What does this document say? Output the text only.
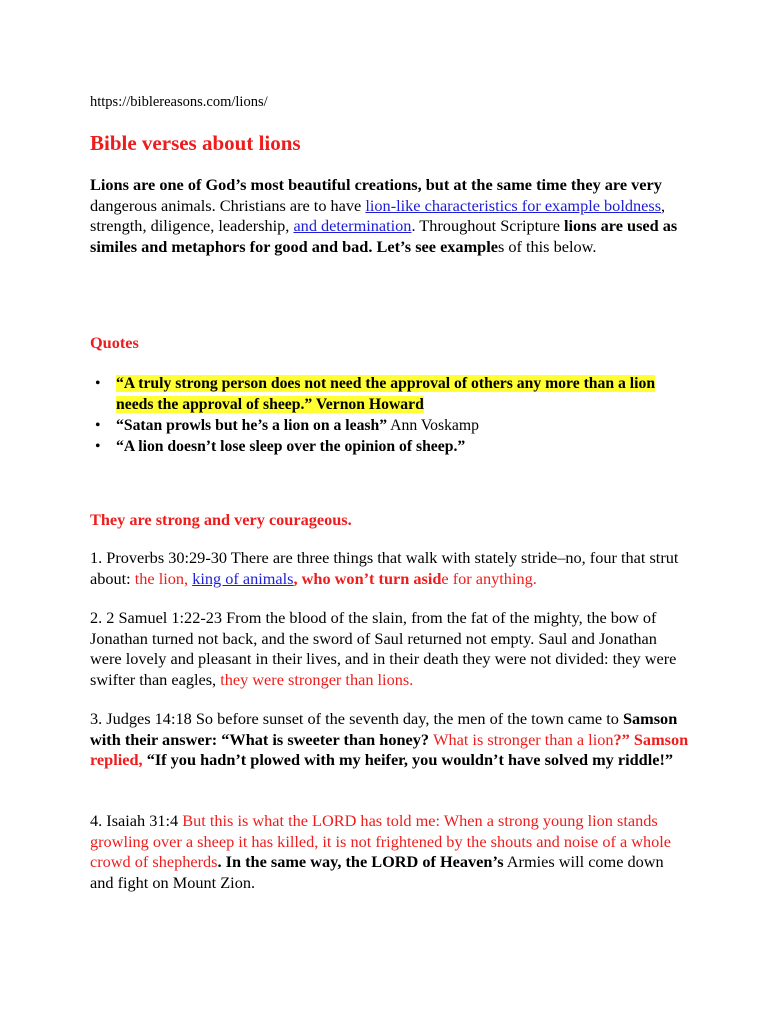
https://biblereasons.com/lions/
Bible verses about lions

Lions are one of God’s most beautiful creations, but at the same time they are very dangerous animals. Christians are to have lion-like characteristics for example boldness, strength, diligence, leadership, and determination. Throughout Scripture lions are used as similes and metaphors for good and bad. Let’s see examples of this below.

Quotes
• “A truly strong person does not need the approval of others any more than a lion needs the approval of sheep.” Vernon Howard
• “Satan prowls but he’s a lion on a leash” Ann Voskamp
• “A lion doesn’t lose sleep over the opinion of sheep.”
They are strong and very courageous.

1. Proverbs 30:29-30 There are three things that walk with stately stride–no, four that strut about: the lion, king of animals, who won’t turn aside for anything.

2. 2 Samuel 1:22-23 From the blood of the slain, from the fat of the mighty, the bow of Jonathan turned not back, and the sword of Saul returned not empty. Saul and Jonathan were lovely and pleasant in their lives, and in their death they were not divided: they were swifter than eagles, they were stronger than lions.

3. Judges 14:18 So before sunset of the seventh day, the men of the town came to Samson with their answer: “What is sweeter than honey? What is stronger than a lion?” Samson replied, “If you hadn’t plowed with my heifer, you wouldn’t have solved my riddle!”

4. Isaiah 31:4 But this is what the LORD has told me: When a strong young lion stands growling over a sheep it has killed, it is not frightened by the shouts and noise of a whole crowd of shepherds. In the same way, the LORD of Heaven’s Armies will come down and fight on Mount Zion.
